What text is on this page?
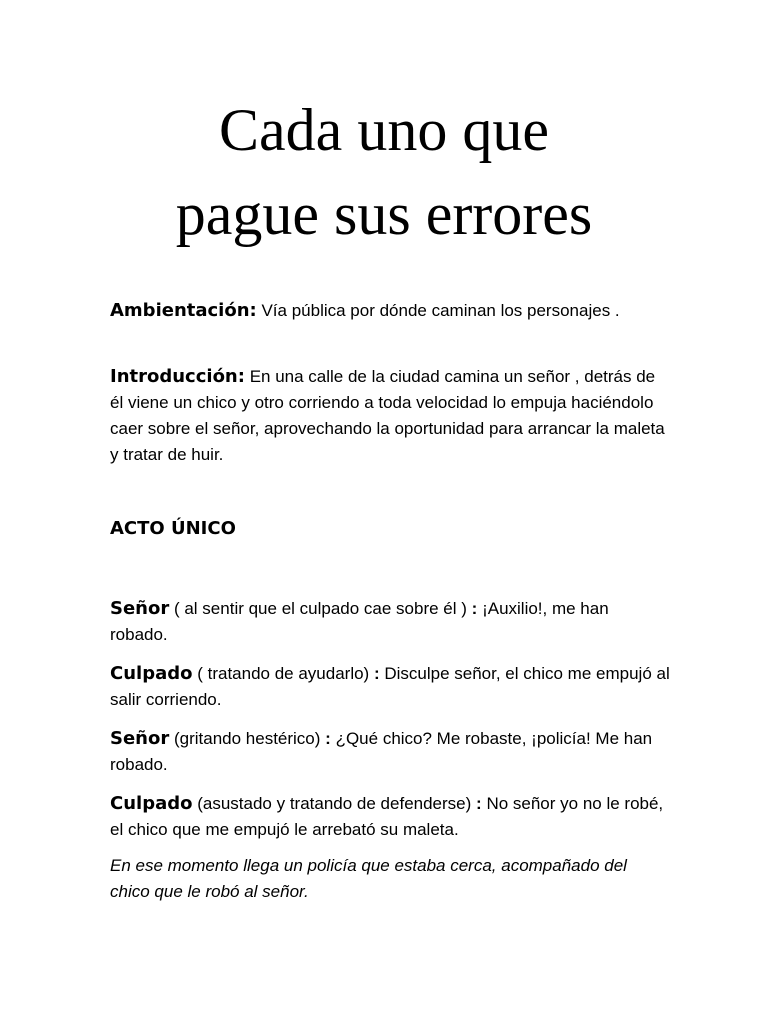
Cada uno que
pague sus errores

Ambientación: Vía pública por dónde caminan los personajes .

Introducción: En una calle de la ciudad camina un señor , detrás de él viene un chico y otro corriendo a toda velocidad lo empuja haciéndolo caer sobre el señor, aprovechando la oportunidad para arrancar la maleta y tratar de huir.

ACTO ÚNICO

Señor ( al sentir que el culpado cae sobre él ) : ¡Auxilio!, me han robado.

Culpado ( tratando de ayudarlo) : Disculpe señor, el chico me empujó al salir corriendo.

Señor (gritando hestérico) : ¿Qué chico? Me robaste, ¡policía! Me han robado.

Culpado (asustado y tratando de defenderse) : No señor yo no le robé, el chico que me empujó le arrebató su maleta.

En ese momento llega un policía que estaba cerca, acompañado del chico que le robó al señor.
